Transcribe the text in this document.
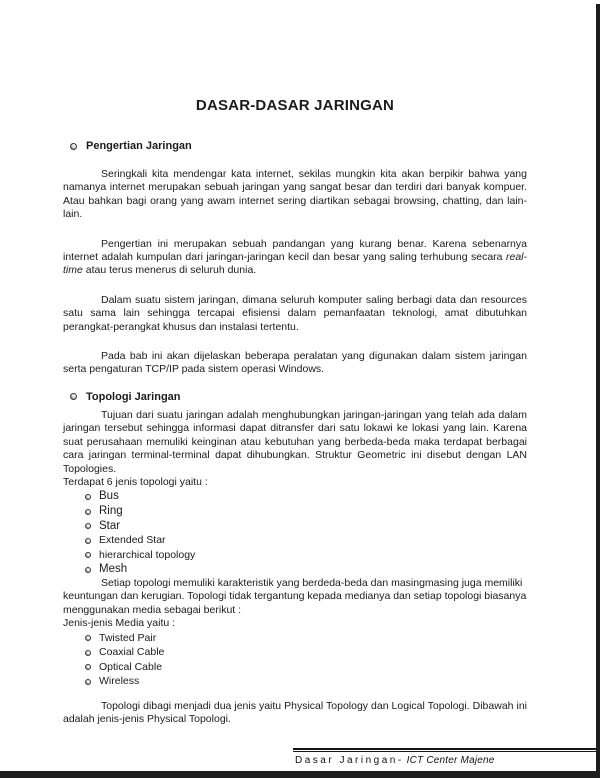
DASAR-DASAR JARINGAN
Pengertian Jaringan

Seringkali kita mendengar kata internet, sekilas mungkin kita akan berpikir bahwa yang namanya internet merupakan sebuah jaringan yang sangat besar dan terdiri dari banyak kompuer. Atau bahkan bagi orang yang awam internet sering diartikan sebagai browsing, chatting, dan lain-lain.

Pengertian ini merupakan sebuah pandangan yang kurang benar. Karena sebenarnya internet adalah kumpulan dari jaringan-jaringan kecil dan besar yang saling terhubung secara real-time atau terus menerus di seluruh dunia.

Dalam suatu sistem jaringan, dimana seluruh komputer saling berbagi data dan resources satu sama lain sehingga tercapai efisiensi dalam pemanfaatan teknologi, amat dibutuhkan perangkat-perangkat khusus dan instalasi tertentu.

Pada bab ini akan dijelaskan beberapa peralatan yang digunakan dalam sistem jaringan serta pengaturan TCP/IP pada sistem operasi Windows.

Topologi Jaringan

Tujuan dari suatu jaringan adalah menghubungkan jaringan-jaringan yang telah ada dalam jaringan tersebut sehingga informasi dapat ditransfer dari satu lokawi ke lokasi yang lain. Karena suat perusahaan memuliki keinginan atau kebutuhan yang berbeda-beda maka terdapat berbagai cara jaringan terminal-terminal dapat dihubungkan. Struktur Geometric ini disebut dengan LAN Topologies.

Terdapat 6 jenis topologi yaitu :

Bus
Ring
Star
Extended Star
hierarchical topology
Mesh

Setiap topologi memuliki karakteristik yang berdeda-beda dan masingmasing juga memiliki keuntungan dan kerugian. Topologi tidak tergantung kepada medianya dan setiap topologi biasanya menggunakan media sebagai berikut :

Jenis-jenis Media yaitu :

Twisted Pair
Coaxial Cable
Optical Cable
Wireless

Topologi dibagi menjadi dua jenis yaitu Physical Topology dan Logical Topologi. Dibawah ini adalah jenis-jenis Physical Topologi.

Dasar Jaringan- ICT Center Majene
